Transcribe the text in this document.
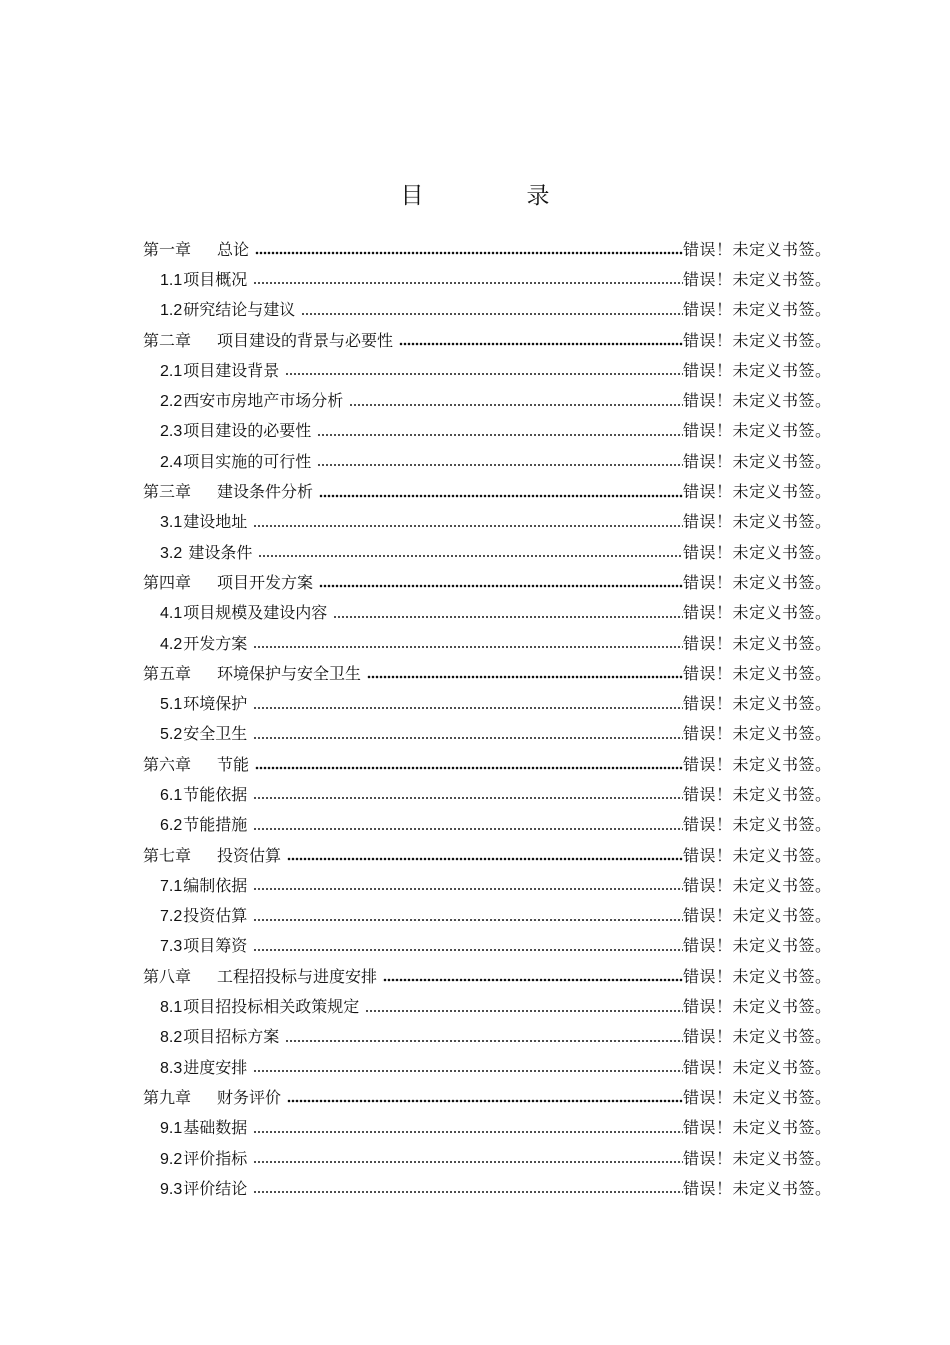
目　录
第一章 总论	错误！未定义书签。
1.1项目概况	错误！未定义书签。
1.2研究结论与建议	错误！未定义书签。
第二章 项目建设的背景与必要性	错误！未定义书签。
2.1项目建设背景	错误！未定义书签。
2.2西安市房地产市场分析	错误！未定义书签。
2.3项目建设的必要性	错误！未定义书签。
2.4项目实施的可行性	错误！未定义书签。
第三章 建设条件分析	错误！未定义书签。
3.1建设地址	错误！未定义书签。
3.2 建设条件	错误！未定义书签。
第四章 项目开发方案	错误！未定义书签。
4.1项目规模及建设内容	错误！未定义书签。
4.2开发方案	错误！未定义书签。
第五章 环境保护与安全卫生	错误！未定义书签。
5.1环境保护	错误！未定义书签。
5.2安全卫生	错误！未定义书签。
第六章 节能	错误！未定义书签。
6.1节能依据	错误！未定义书签。
6.2节能措施	错误！未定义书签。
第七章 投资估算	错误！未定义书签。
7.1编制依据	错误！未定义书签。
7.2投资估算	错误！未定义书签。
7.3项目筹资	错误！未定义书签。
第八章 工程招投标与进度安排	错误！未定义书签。
8.1项目招投标相关政策规定	错误！未定义书签。
8.2项目招标方案	错误！未定义书签。
8.3进度安排	错误！未定义书签。
第九章 财务评价	错误！未定义书签。
9.1基础数据	错误！未定义书签。
9.2评价指标	错误！未定义书签。
9.3评价结论	错误！未定义书签。
